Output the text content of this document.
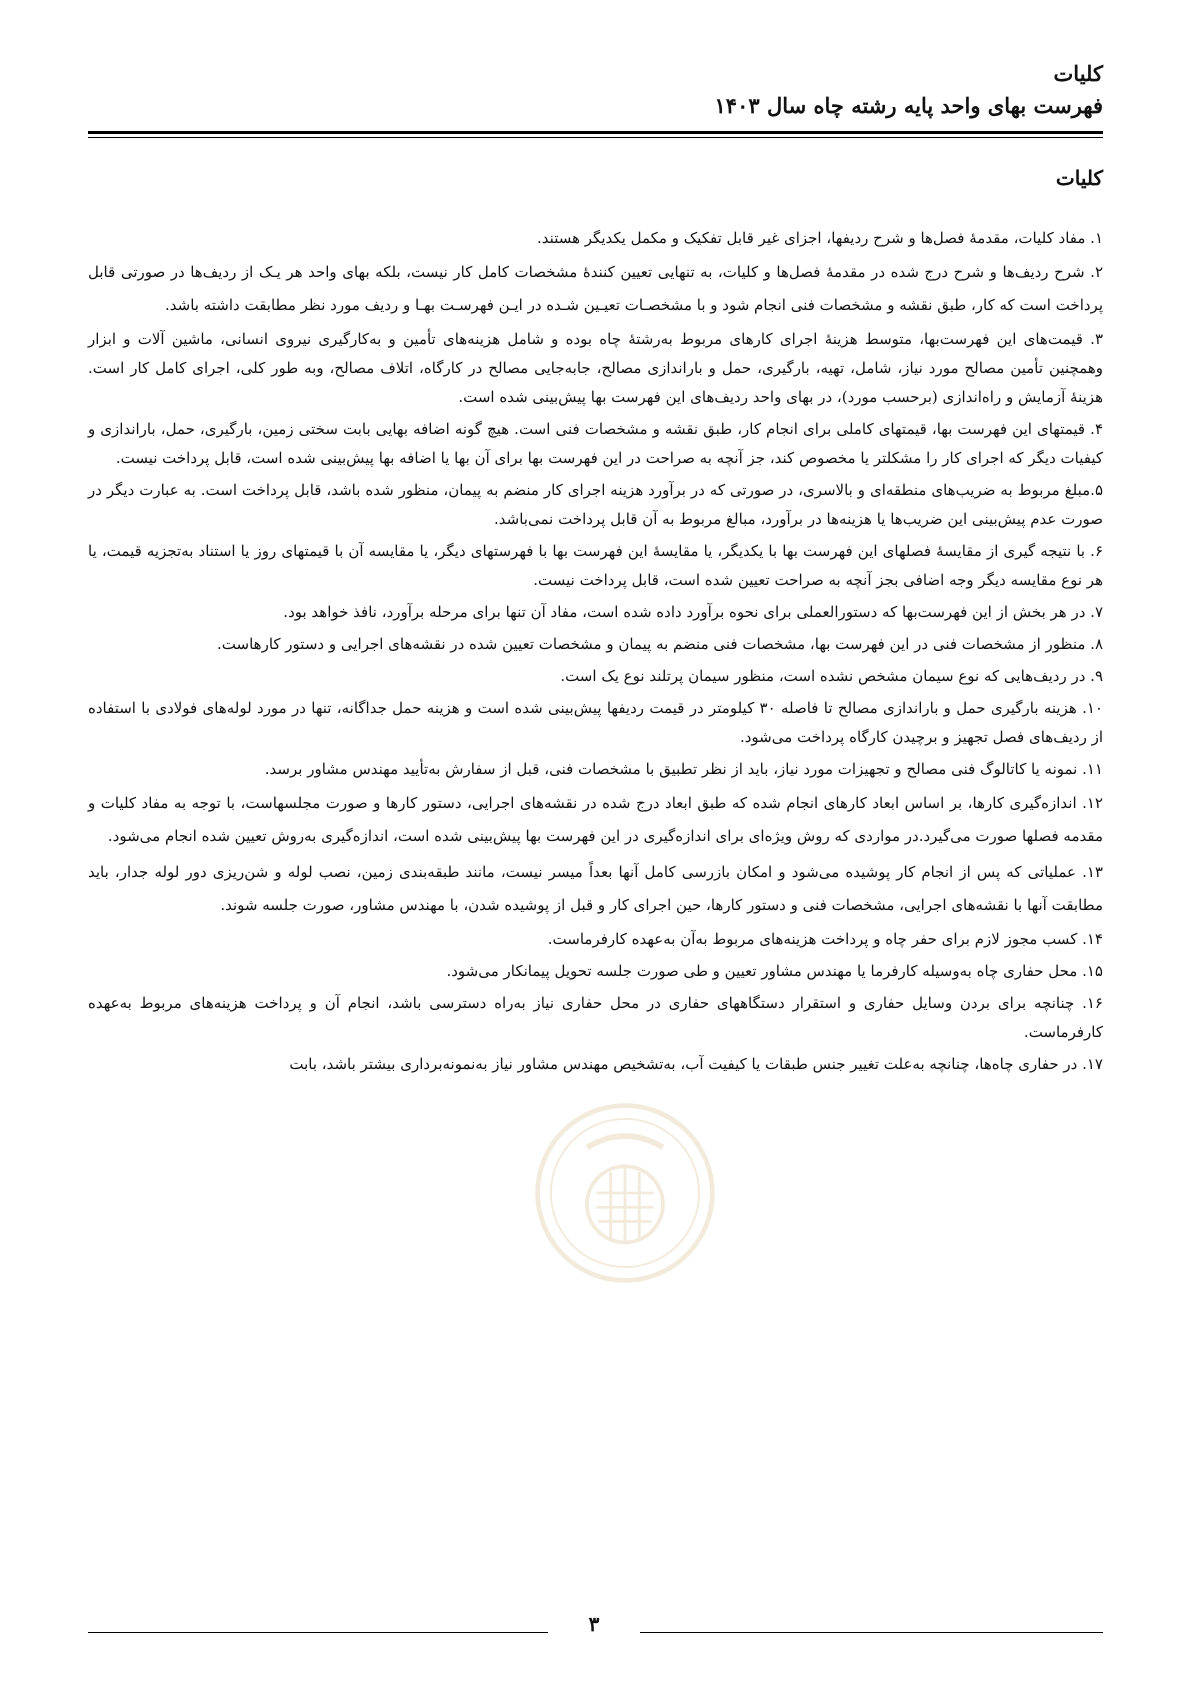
کلیات
فهرست بهای واحد پایه رشته چاه سال ۱۴۰۳
کلیات

۱. مفاد کلیات، مقدمهٔ فصل‌ها و شرح ردیفها، اجزای غیر قابل تفکیک و مکمل یکدیگر هستند.

۲. شرح ردیف‌ها و شرح درج شده در مقدمهٔ فصل‌ها و کلیات، به تنهایی تعیین کنندهٔ مشخصات کامل کار نیست، بلکه بهای واحد هر یـک از ردیف‌ها در صورتی قابل پرداخت است که کار، طبق نقشه و مشخصات فنی انجام شود و با مشخصـات تعیـین شـده در ایـن فهرسـت بهـا و ردیف مورد نظر مطابقت داشته باشد.

۳. قیمت‌های این فهرست‌بها، متوسط هزینهٔ اجرای کارهای مربوط به‌رشتهٔ چاه بوده و شامل هزینه‌های تأمین و به‌کارگیری نیروی انسانی، ماشین آلات و ابزار وهمچنین تأمین مصالح مورد نیاز، شامل، تهیه، بارگیری، حمل و باراندازی مصالح، جابه‌جایی مصالح در کارگاه، اتلاف مصالح، وبه طور کلی، اجرای کامل کار است. هزینهٔ آزمایش و راه‌اندازی (برحسب مورد)، در بهای واحد ردیف‌های این فهرست بها پیش‌بینی شده است.

۴. قیمتهای این فهرست بها، قیمتهای کاملی برای انجام کار، طبق نقشه و مشخصات فنی است. هیچ گونه اضافه بهایی بابت سختی زمین، بارگیری، حمل، باراندازی و کیفیات دیگر که اجرای کار را مشکلتر یا مخصوص کند، جز آنچه به صراحت در این فهرست بها برای آن بها یا اضافه بها پیش‌بینی شده است، قابل پرداخت نیست.

۵.مبلغ مربوط به ضریب‌های منطقه‌ای و بالاسری، در صورتی که در برآورد هزینه اجرای کار منضم به پیمان، منظور شده باشد، قابل پرداخت است. به عبارت دیگر در صورت عدم پیش‌بینی این ضریب‌ها یا هزینه‌ها در برآورد، مبالغ مربوط به آن قابل پرداخت نمی‌باشد.

۶. با نتیجه گیری از مقایسهٔ فصلهای این فهرست بها با یکدیگر، یا مقایسهٔ این فهرست بها با فهرستهای دیگر، یا مقایسه آن با قیمتهای روز یا استناد به‌تجزیه قیمت، یا هر نوع مقایسه دیگر وجه اضافی بجز آنچه به صراحت تعیین شده است، قابل پرداخت نیست.

۷. در هر بخش از این فهرست‌بها که دستورالعملی برای نحوه برآورد داده شده است، مفاد آن تنها برای مرحله برآورد، نافذ خواهد بود.

۸. منظور از مشخصات فنی در این فهرست بها، مشخصات فنی منضم به پیمان و مشخصات تعیین شده در نقشه‌های اجرایی و دستور کارهاست.

۹. در ردیف‌هایی که نوع سیمان مشخص نشده است، منظور سیمان پرتلند نوع یک است.

۱۰. هزینه بارگیری حمل و باراندازی مصالح تا فاصله ۳۰ کیلومتر در قیمت ردیفها پیش‌بینی شده است و هزینه حمل جداگانه، تنها در مورد لوله‌های فولادی با استفاده از ردیف‌های فصل تجهیز و برچیدن کارگاه پرداخت می‌شود.

۱۱. نمونه یا کاتالوگ فنی مصالح و تجهیزات مورد نیاز، باید از نظر تطبیق با مشخصات فنی، قبل از سفارش به‌تأیید مهندس مشاور برسد.

۱۲. اندازه‌گیری کارها، بر اساس ابعاد کارهای انجام شده که طبق ابعاد درج شده در نقشه‌های اجرایی، دستور کارها و صورت مجلسهاست، با توجه به مفاد کلیات و مقدمه فصلها صورت می‌گیرد.در مواردی که روش ویژه‌ای برای اندازه‌گیری در این فهرست بها پیش‌بینی شده است، اندازه‌گیری به‌روش تعیین شده انجام می‌شود.

۱۳. عملیاتی که پس از انجام کار پوشیده می‌شود و امکان بازرسی کامل آنها بعداً میسر نیست، مانند طبقه‌بندی زمین، نصب لوله و شن‌ریزی دور لوله جدار، باید مطابقت آنها با نقشه‌های اجرایی، مشخصات فنی و دستور کارها، حین اجرای کار و قبل از پوشیده شدن، با مهندس مشاور، صورت جلسه شوند.

۱۴. کسب مجوز لازم برای حفر چاه و پرداخت هزینه‌های مربوط به‌آن به‌عهده کارفرماست.

۱۵. محل حفاری چاه به‌وسیله کارفرما یا مهندس مشاور تعیین و طی صورت جلسه تحویل پیمانکار می‌شود.

۱۶. چنانچه برای بردن وسایل حفاری و استقرار دستگاههای حفاری در محل حفاری نیاز به‌راه دسترسی باشد، انجام آن و پرداخت هزینه‌های مربوط به‌عهده کارفرماست.

۱۷. در حفاری چاه‌ها، چنانچه به‌علت تغییر جنس طبقات یا کیفیت آب، به‌تشخیص مهندس مشاور نیاز به‌نمونه‌برداری بیشتر باشد، بابت

۳
